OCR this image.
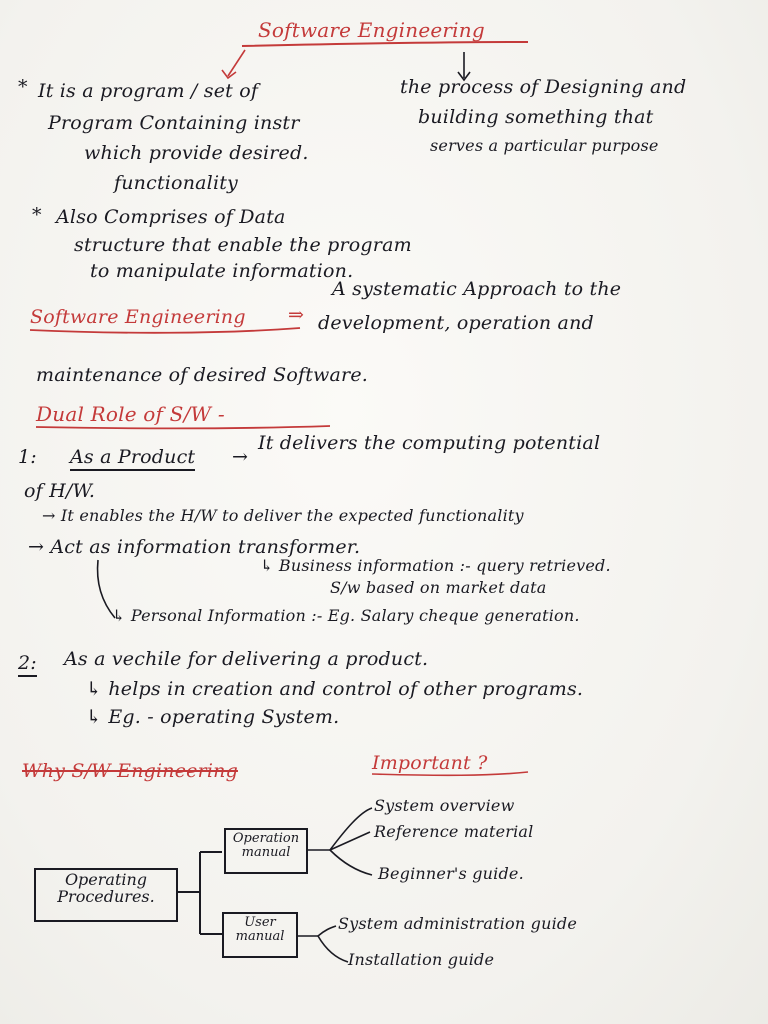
Software Engineering
* It is a program / set of
Program Containing instr
which provide desired.
functionality
the process of Designing and
building something that
serves a particular purpose
* Also Comprises of Data
structure that enable the program
to manipulate information.
Software Engineering ⇒
A systematic Approach to the
development, operation and
maintenance of desired Software.
Dual Role of S/W -
1: As a Product →
It delivers the computing potential
of H/W.
→ It enables the H/W to deliver the expected functionality
→ Act as information transformer.
↳ Business information :- query retrieved.
S/w based on market data
↳ Personal Information :- Eg. Salary cheque generation.
2: As a vechile for delivering a product.
↳ helps in creation and control of other programs.
↳ Eg. - operating System.
Why S/W Engineering	Important ?
Operating
Procedures.
Operation
manual
User
manual
System overview
Reference material
Beginner's guide.
System administration guide
Installation guide
